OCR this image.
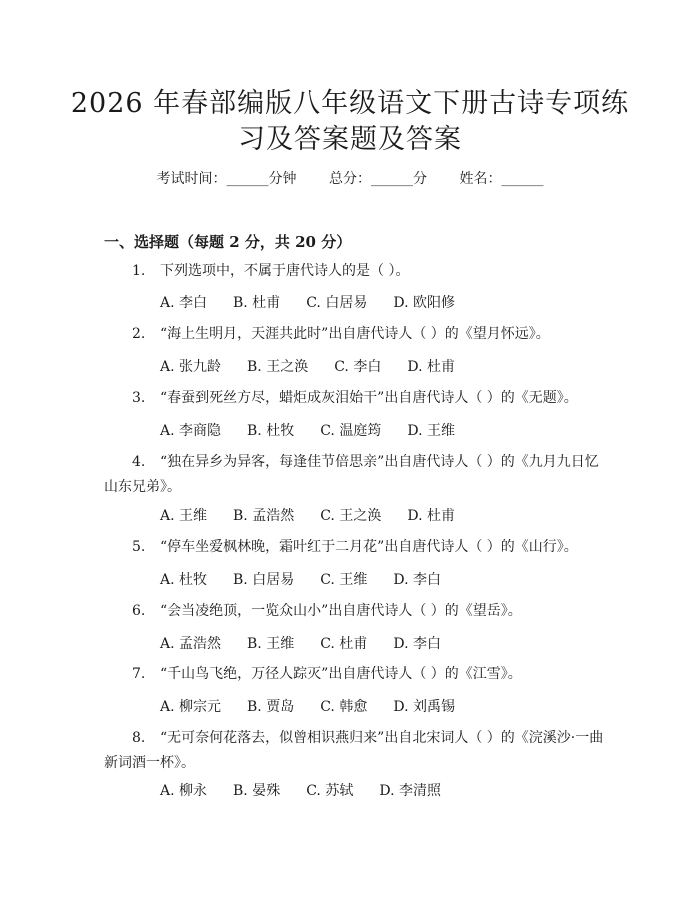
2026 年春部编版八年级语文下册古诗专项练
习及答案题及答案
考试时间：______分钟 总分：______分 姓名：______
一、选择题（每题 2 分，共 20 分）
1. 下列选项中，不属于唐代诗人的是（ ）。
A. 李白 B. 杜甫 C. 白居易 D. 欧阳修
2. “海上生明月，天涯共此时”出自唐代诗人（ ）的《望月怀远》。
A. 张九龄 B. 王之涣 C. 李白 D. 杜甫
3. “春蚕到死丝方尽，蜡炬成灰泪始干”出自唐代诗人（ ）的《无题》。
A. 李商隐 B. 杜牧 C. 温庭筠 D. 王维
4. “独在异乡为异客，每逢佳节倍思亲”出自唐代诗人（ ）的《九月九日忆山东兄弟》。
A. 王维 B. 孟浩然 C. 王之涣 D. 杜甫
5. “停车坐爱枫林晚，霜叶红于二月花”出自唐代诗人（ ）的《山行》。
A. 杜牧 B. 白居易 C. 王维 D. 李白
6. “会当凌绝顶，一览众山小”出自唐代诗人（ ）的《望岳》。
A. 孟浩然 B. 王维 C. 杜甫 D. 李白
7. “千山鸟飞绝，万径人踪灭”出自唐代诗人（ ）的《江雪》。
A. 柳宗元 B. 贾岛 C. 韩愈 D. 刘禹锡
8. “无可奈何花落去，似曾相识燕归来”出自北宋词人（ ）的《浣溪沙·一曲新词酒一杯》。
A. 柳永 B. 晏殊 C. 苏轼 D. 李清照
